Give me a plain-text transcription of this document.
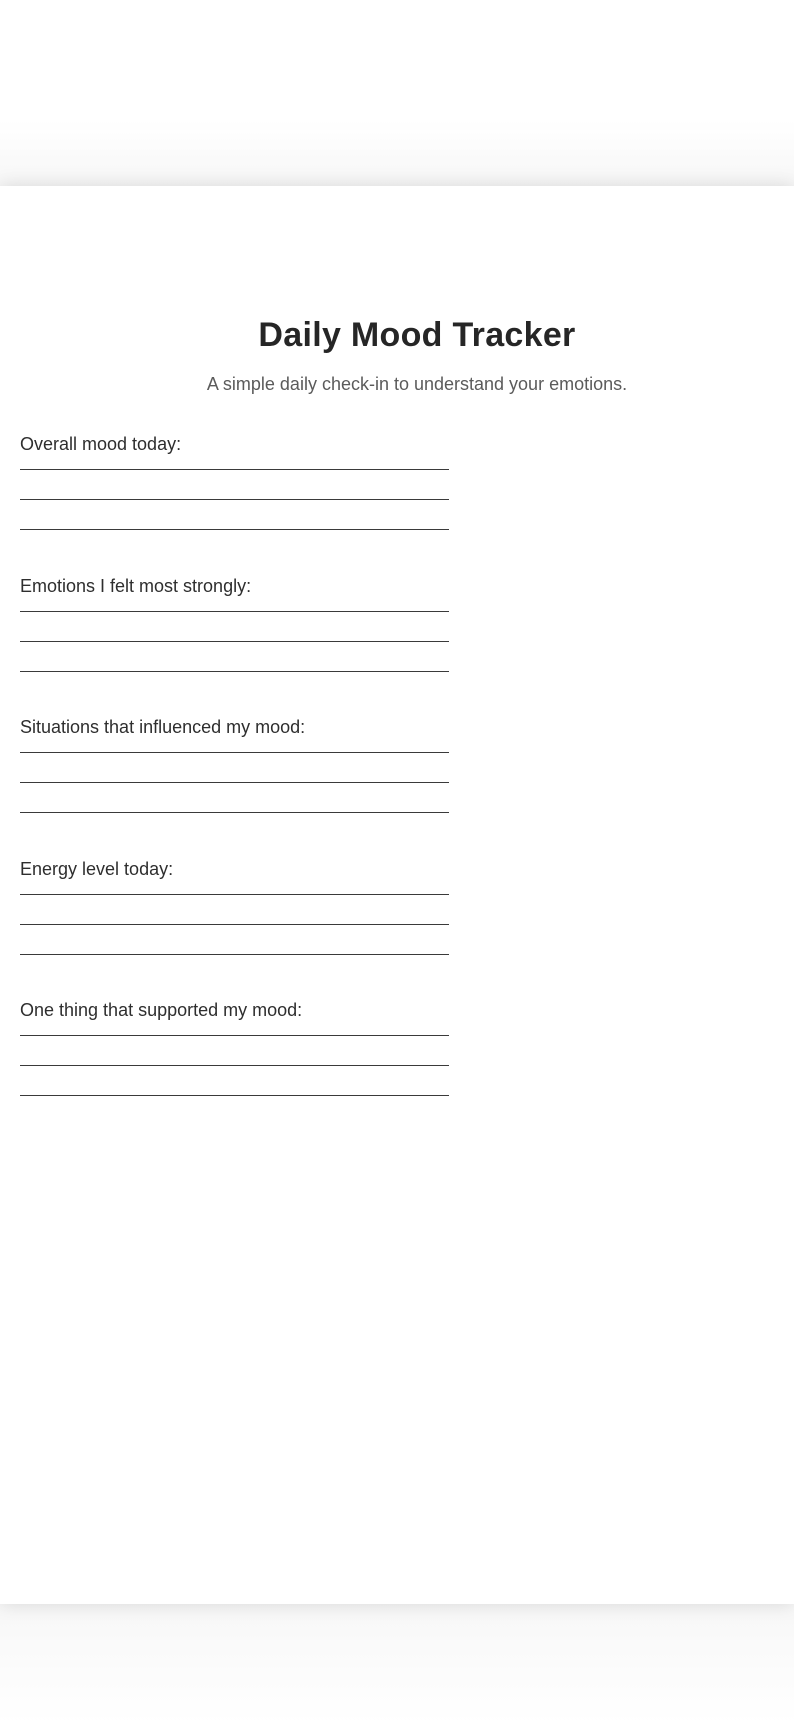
Daily Mood Tracker

A simple daily check-in to understand your emotions.

Overall mood today:
Emotions I felt most strongly:
Situations that influenced my mood:
Energy level today:
One thing that supported my mood:
